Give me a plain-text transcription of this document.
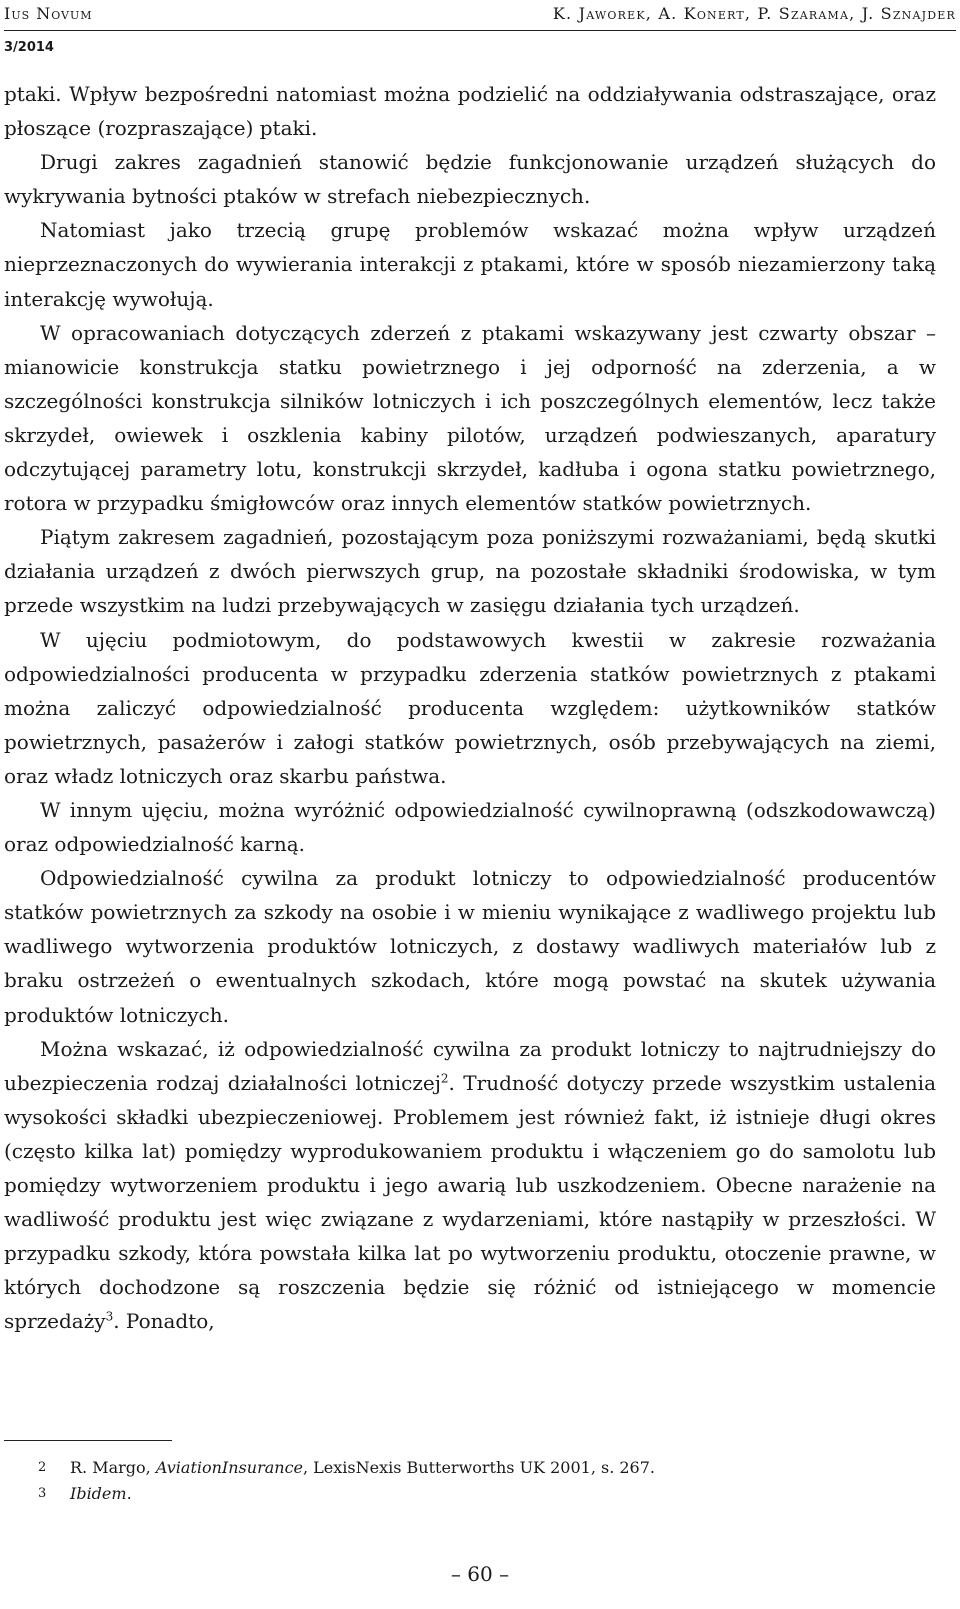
Ius Novum	K. Jaworek, A. Konert, P. Szarama, J. Sznajder
3/2014

ptaki. Wpływ bezpośredni natomiast można podzielić na oddziaływania odstraszające, oraz płoszące (rozpraszające) ptaki.

Drugi zakres zagadnień stanowić będzie funkcjonowanie urządzeń służących do wykrywania bytności ptaków w strefach niebezpiecznych.

Natomiast jako trzecią grupę problemów wskazać można wpływ urządzeń nieprzeznaczonych do wywierania interakcji z ptakami, które w sposób niezamierzony taką interakcję wywołują.

W opracowaniach dotyczących zderzeń z ptakami wskazywany jest czwarty obszar – mianowicie konstrukcja statku powietrznego i jej odporność na zderzenia, a w szczególności konstrukcja silników lotniczych i ich poszczególnych elementów, lecz także skrzydeł, owiewek i oszklenia kabiny pilotów, urządzeń podwieszanych, aparatury odczytującej parametry lotu, konstrukcji skrzydeł, kadłuba i ogona statku powietrznego, rotora w przypadku śmigłowców oraz innych elementów statków powietrznych.

Piątym zakresem zagadnień, pozostającym poza poniższymi rozważaniami, będą skutki działania urządzeń z dwóch pierwszych grup, na pozostałe składniki środowiska, w tym przede wszystkim na ludzi przebywających w zasięgu działania tych urządzeń.

W ujęciu podmiotowym, do podstawowych kwestii w zakresie rozważania odpowiedzialności producenta w przypadku zderzenia statków powietrznych z ptakami można zaliczyć odpowiedzialność producenta względem: użytkowników statków powietrznych, pasażerów i załogi statków powietrznych, osób przebywających na ziemi, oraz władz lotniczych oraz skarbu państwa.

W innym ujęciu, można wyróżnić odpowiedzialność cywilnoprawną (odszkodowawczą) oraz odpowiedzialność karną.

Odpowiedzialność cywilna za produkt lotniczy to odpowiedzialność producentów statków powietrznych za szkody na osobie i w mieniu wynikające z wadliwego projektu lub wadliwego wytworzenia produktów lotniczych, z dostawy wadliwych materiałów lub z braku ostrzeżeń o ewentualnych szkodach, które mogą powstać na skutek używania produktów lotniczych.

Można wskazać, iż odpowiedzialność cywilna za produkt lotniczy to najtrudniejszy do ubezpieczenia rodzaj działalności lotniczej$^2$. Trudność dotyczy przede wszystkim ustalenia wysokości składki ubezpieczeniowej. Problemem jest również fakt, iż istnieje długi okres (często kilka lat) pomiędzy wyprodukowaniem produktu i włączeniem go do samolotu lub pomiędzy wytworzeniem produktu i jego awarią lub uszkodzeniem. Obecne narażenie na wadliwość produktu jest więc związane z wydarzeniami, które nastąpiły w przeszłości. W przypadku szkody, która powstała kilka lat po wytworzeniu produktu, otoczenie prawne, w których dochodzone są roszczenia będzie się różnić od istniejącego w momencie sprzedaży$^3$. Ponadto,

2	R. Margo, AviationInsurance, LexisNexis Butterworths UK 2001, s. 267.
3	Ibidem.
– 60 –
